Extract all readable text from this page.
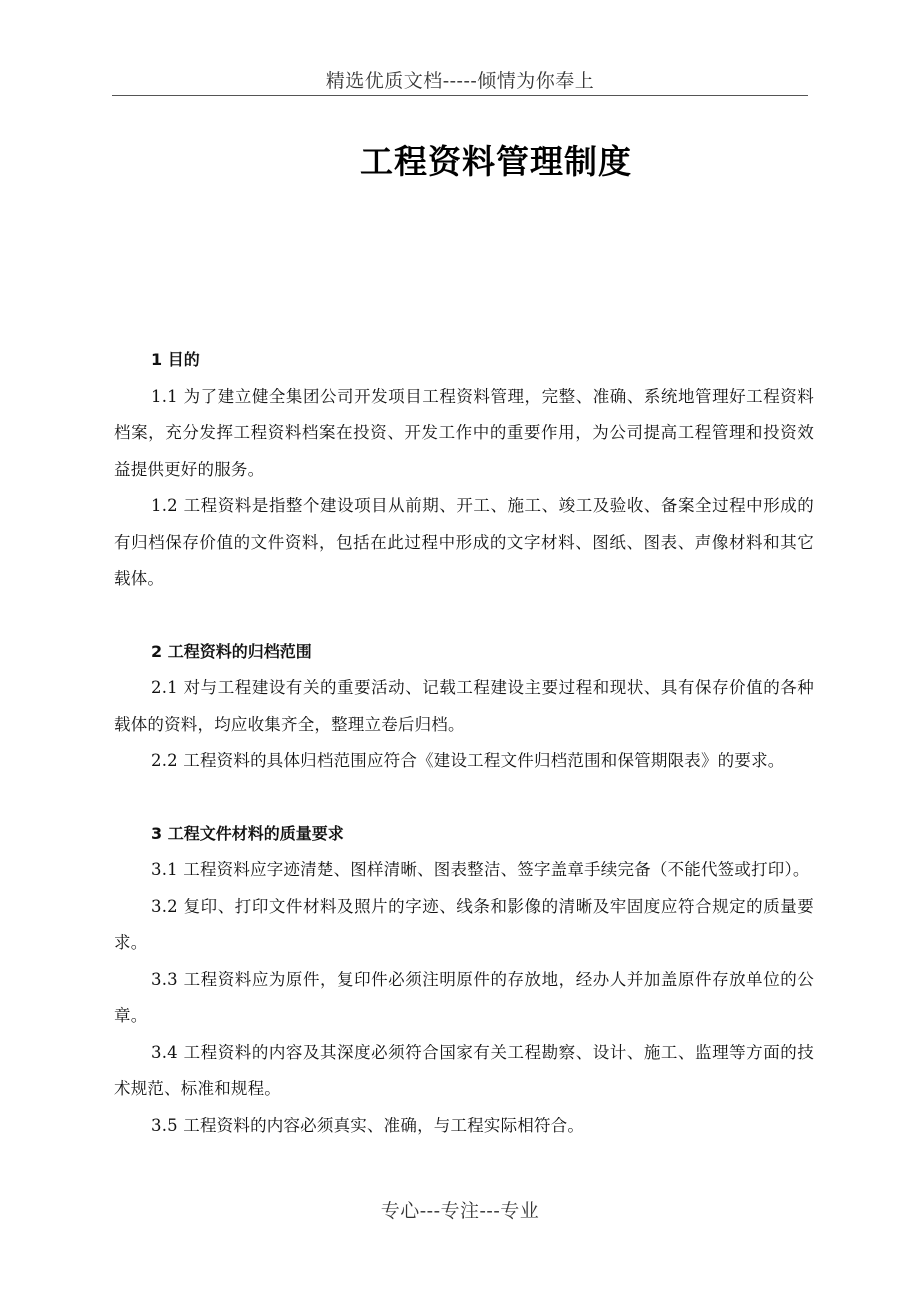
精选优质文档-----倾情为你奉上
工程资料管理制度

1 目的

1.1 为了建立健全集团公司开发项目工程资料管理，完整、准确、系统地管理好工程资料档案，充分发挥工程资料档案在投资、开发工作中的重要作用，为公司提高工程管理和投资效益提供更好的服务。

1.2 工程资料是指整个建设项目从前期、开工、施工、竣工及验收、备案全过程中形成的有归档保存价值的文件资料，包括在此过程中形成的文字材料、图纸、图表、声像材料和其它载体。

2 工程资料的归档范围

2.1 对与工程建设有关的重要活动、记载工程建设主要过程和现状、具有保存价值的各种载体的资料，均应收集齐全，整理立卷后归档。

2.2 工程资料的具体归档范围应符合《建设工程文件归档范围和保管期限表》的要求。

3 工程文件材料的质量要求

3.1 工程资料应字迹清楚、图样清晰、图表整洁、签字盖章手续完备（不能代签或打印）。

3.2 复印、打印文件材料及照片的字迹、线条和影像的清晰及牢固度应符合规定的质量要求。

3.3 工程资料应为原件，复印件必须注明原件的存放地，经办人并加盖原件存放单位的公章。

3.4 工程资料的内容及其深度必须符合国家有关工程勘察、设计、施工、监理等方面的技术规范、标准和规程。

3.5 工程资料的内容必须真实、准确，与工程实际相符合。

专心---专注---专业
